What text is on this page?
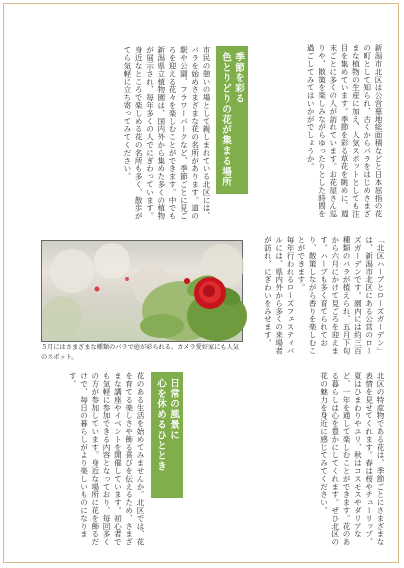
新潟市北区は公営墓地総面積などと日本屈指の花の町として知られ、古くからバラをはじめさまざまな植物の生産に加え、人気スポットとしても注目を集めています。季節を彩る草花を眺めに、週末ごとに多くの人が訪れています。お花屋さん巡りや、散策を楽しみながらゆったりとした時間を過ごしてみてはいかがでしょうか。
季節を彩る
色とりどりの花が集まる場所
市民の憩いの場として親しまれている北区には、バラを始めさまざまな花の名所があります。道の駅や公園、フラワーパークなど、季節ごとに見ごろを迎える花々を楽しむことができます。中でも新潟県立植物園は、国内外から集めた多くの植物が展示され、毎年多くの人でにぎわっています。身近なところで楽しめる花の名所も多く、散歩がてら気軽に立ち寄ってみてください。
５月にはさまざまな種類のバラで庭が彩られる。カメラ愛好家にも人気のスポット。
「北区ハーブとローズガーデン」は、新潟市北区にある公営のローズガーデンです。園内には約三百種類のバラが植えられ、五月下旬から六月にかけて見ごろを迎えます。ハーブも多く育てられており、散策しながら香りを楽しむことができます。
毎年行われるローズフェスティバルには、県内外から多くの来場者が訪れ、にぎわいをみせます。
北区の特産物である花は、季節ごとにさまざまな表情を見せてくれます。春は桜やチューリップ、夏はひまわりやユリ、秋はコスモスやダリアなど、一年を通して楽しむことができます。花のある暮らしは心を豊かにしてくれます。ぜひ北区の花の魅力を身近に感じてみてください。
日常の風景に
心を休めるひととき
花のある生活を始めてみませんか。北区では、花を育てる楽しさや飾る喜びを伝えるため、さまざまな講座やイベントを開催しています。初心者でも気軽に参加できる内容となっており、毎回多くの方が参加しています。身近な場所に花を飾るだけで、毎日の暮らしがより楽しいものになります。
